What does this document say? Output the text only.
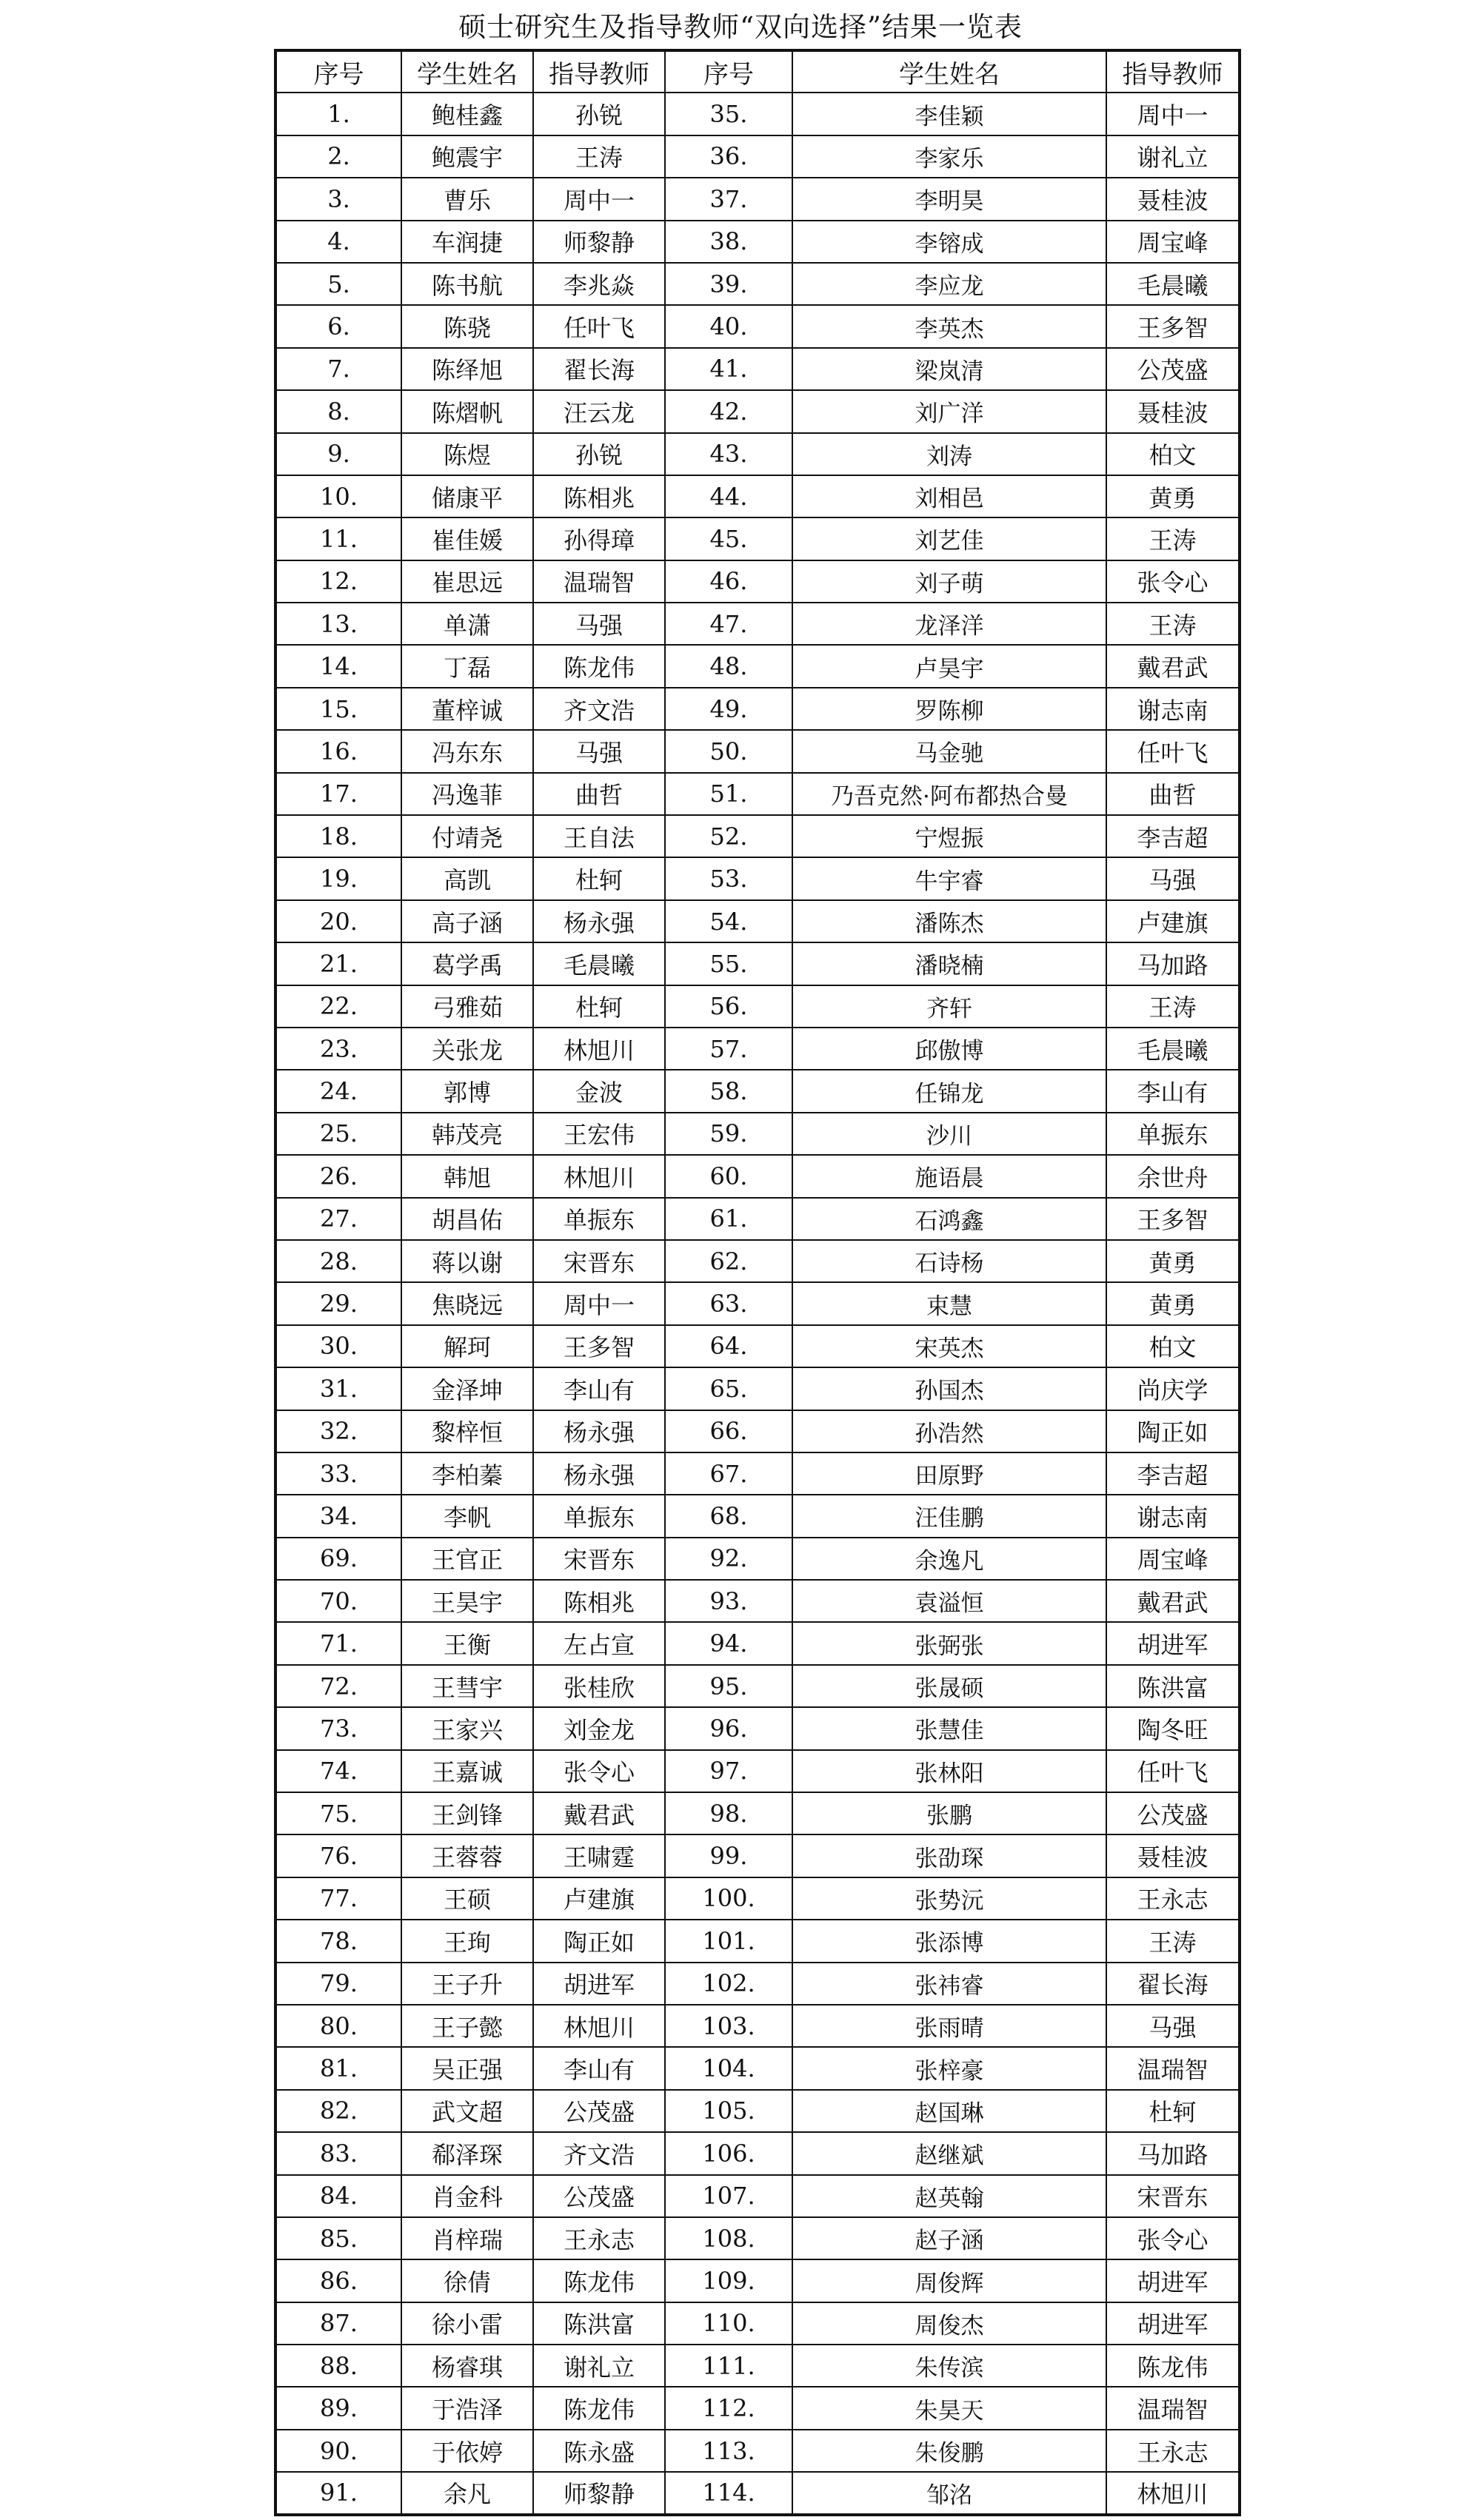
硕士研究生及指导教师“双向选择”结果一览表
序号	学生姓名	指导教师	序号	学生姓名	指导教师
1.	鲍桂鑫	孙锐	35.	李佳颖	周中一
2.	鲍震宇	王涛	36.	李家乐	谢礼立
3.	曹乐	周中一	37.	李明昊	聂桂波
4.	车润捷	师黎静	38.	李镕成	周宝峰
5.	陈书航	李兆焱	39.	李应龙	毛晨曦
6.	陈骁	任叶飞	40.	李英杰	王多智
7.	陈绎旭	翟长海	41.	梁岚清	公茂盛
8.	陈熠帆	汪云龙	42.	刘广洋	聂桂波
9.	陈煜	孙锐	43.	刘涛	柏文
10.	储康平	陈相兆	44.	刘相邑	黄勇
11.	崔佳媛	孙得璋	45.	刘艺佳	王涛
12.	崔思远	温瑞智	46.	刘子萌	张令心
13.	单潇	马强	47.	龙泽洋	王涛
14.	丁磊	陈龙伟	48.	卢昊宇	戴君武
15.	董梓诚	齐文浩	49.	罗陈柳	谢志南
16.	冯东东	马强	50.	马金驰	任叶飞
17.	冯逸菲	曲哲	51.	乃吾克然·阿布都热合曼	曲哲
18.	付靖尧	王自法	52.	宁煜振	李吉超
19.	高凯	杜轲	53.	牛宇睿	马强
20.	高子涵	杨永强	54.	潘陈杰	卢建旗
21.	葛学禹	毛晨曦	55.	潘晓楠	马加路
22.	弓雅茹	杜轲	56.	齐轩	王涛
23.	关张龙	林旭川	57.	邱傲博	毛晨曦
24.	郭博	金波	58.	任锦龙	李山有
25.	韩茂亮	王宏伟	59.	沙川	单振东
26.	韩旭	林旭川	60.	施语晨	余世舟
27.	胡昌佑	单振东	61.	石鸿鑫	王多智
28.	蒋以谢	宋晋东	62.	石诗杨	黄勇
29.	焦晓远	周中一	63.	束慧	黄勇
30.	解珂	王多智	64.	宋英杰	柏文
31.	金泽坤	李山有	65.	孙国杰	尚庆学
32.	黎梓恒	杨永强	66.	孙浩然	陶正如
33.	李柏蓁	杨永强	67.	田原野	李吉超
34.	李帆	单振东	68.	汪佳鹏	谢志南
69.	王官正	宋晋东	92.	余逸凡	周宝峰
70.	王昊宇	陈相兆	93.	袁溢恒	戴君武
71.	王衡	左占宣	94.	张弼张	胡进军
72.	王彗宇	张桂欣	95.	张晟硕	陈洪富
73.	王家兴	刘金龙	96.	张慧佳	陶冬旺
74.	王嘉诚	张令心	97.	张林阳	任叶飞
75.	王剑锋	戴君武	98.	张鹏	公茂盛
76.	王蓉蓉	王啸霆	99.	张劭琛	聂桂波
77.	王硕	卢建旗	100.	张势沅	王永志
78.	王珣	陶正如	101.	张添博	王涛
79.	王子升	胡进军	102.	张祎睿	翟长海
80.	王子懿	林旭川	103.	张雨晴	马强
81.	吴正强	李山有	104.	张梓豪	温瑞智
82.	武文超	公茂盛	105.	赵国琳	杜轲
83.	郗泽琛	齐文浩	106.	赵继斌	马加路
84.	肖金科	公茂盛	107.	赵英翰	宋晋东
85.	肖梓瑞	王永志	108.	赵子涵	张令心
86.	徐倩	陈龙伟	109.	周俊辉	胡进军
87.	徐小雷	陈洪富	110.	周俊杰	胡进军
88.	杨睿琪	谢礼立	111.	朱传滨	陈龙伟
89.	于浩泽	陈龙伟	112.	朱昊天	温瑞智
90.	于依婷	陈永盛	113.	朱俊鹏	王永志
91.	余凡	师黎静	114.	邹洺	林旭川
